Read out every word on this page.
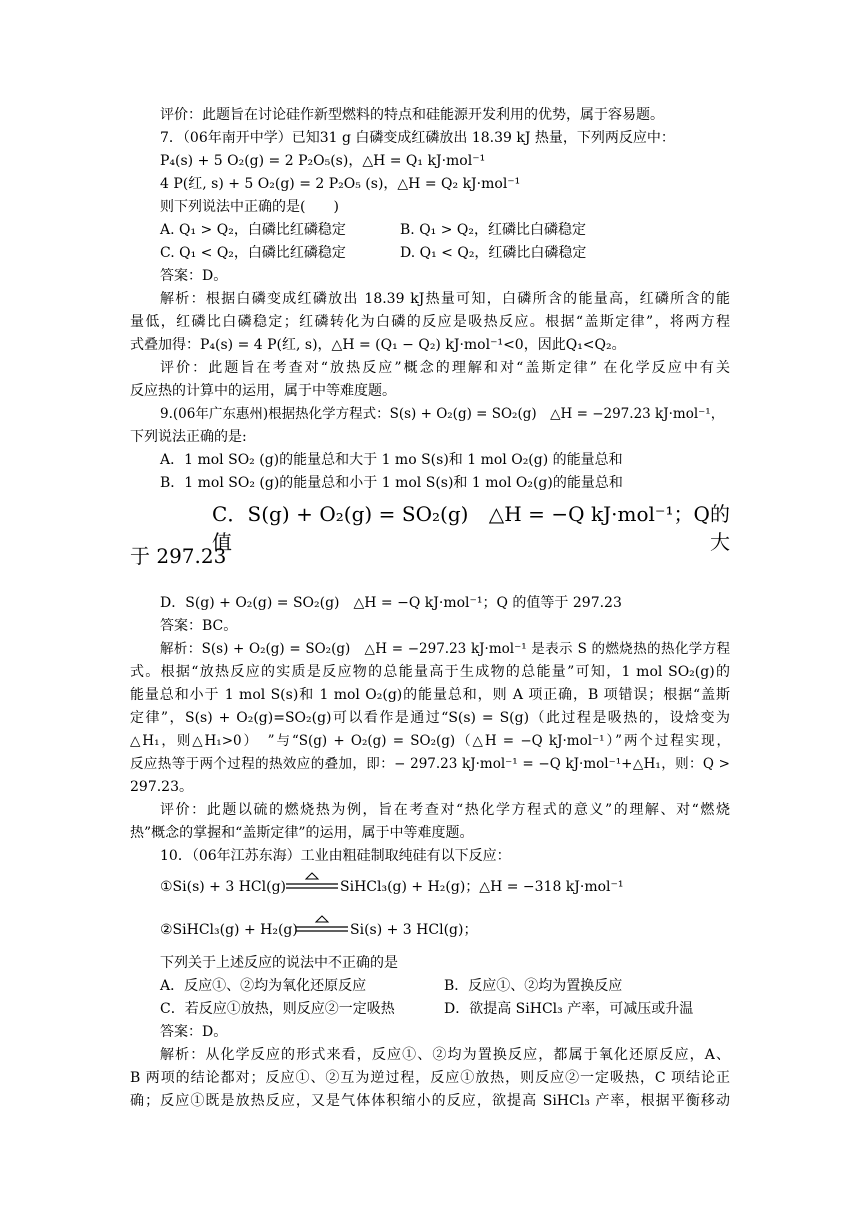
评价：此题旨在讨论硅作新型燃料的特点和硅能源开发利用的优势，属于容易题。
7．（06年南开中学）已知31 g 白磷变成红磷放出 18.39 kJ 热量，下列两反应中：
P₄(s) + 5 O₂(g) = 2 P₂O₅(s)，△H = Q₁ kJ·mol⁻¹
4 P(红, s) + 5 O₂(g) = 2 P₂O₅ (s)，△H = Q₂ kJ·mol⁻¹
则下列说法中正确的是(　　)
A. Q₁ > Q₂，白磷比红磷稳定	B. Q₁ > Q₂，红磷比白磷稳定
C. Q₁ < Q₂，白磷比红磷稳定	D. Q₁ < Q₂，红磷比白磷稳定
答案：D。
解析：根据白磷变成红磷放出 18.39 kJ热量可知，白磷所含的能量高，红磷所含的能
量低，红磷比白磷稳定；红磷转化为白磷的反应是吸热反应。根据“盖斯定律”，将两方程
式叠加得：P₄(s) = 4 P(红, s)，△H = (Q₁ − Q₂) kJ·mol⁻¹<0，因此Q₁<Q₂。
评价：此题旨在考查对“放热反应”概念的理解和对“盖斯定律” 在化学反应中有关
反应热的计算中的运用，属于中等难度题。
9.(06年广东惠州)根据热化学方程式：S(s) + O₂(g) = SO₂(g)　△H = −297.23 kJ·mol⁻¹，
下列说法正确的是:
A．1 mol SO₂ (g)的能量总和大于 1 mo S(s)和 1 mol O₂(g) 的能量总和
B．1 mol SO₂ (g)的能量总和小于 1 mol S(s)和 1 mol O₂(g)的能量总和
C．S(g) + O₂(g) = SO₂(g)　△H = −Q kJ·mol⁻¹；Q的值大
于 297.23
D．S(g) + O₂(g) = SO₂(g)　△H = −Q kJ·mol⁻¹；Q 的值等于 297.23
答案：BC。
解析：S(s) + O₂(g) = SO₂(g)　△H = −297.23 kJ·mol⁻¹ 是表示 S 的燃烧热的热化学方程
式。根据“放热反应的实质是反应物的总能量高于生成物的总能量”可知，1 mol SO₂(g)的
能量总和小于 1 mol S(s)和 1 mol O₂(g)的能量总和，则 A 项正确，B 项错误；根据“盖斯
定律”，S(s) + O₂(g)=SO₂(g)可以看作是通过“S(s) = S(g)（此过程是吸热的，设焓变为
△H₁，则△H₁>0）　”与“S(g) + O₂(g) = SO₂(g)（△H = −Q kJ·mol⁻¹）”两个过程实现，
反应热等于两个过程的热效应的叠加，即：− 297.23 kJ·mol⁻¹ = −Q kJ·mol⁻¹+△H₁，则：Q >
297.23。
评价：此题以硫的燃烧热为例，旨在考查对“热化学方程式的意义”的理解、对“燃烧
热”概念的掌握和“盖斯定律”的运用，属于中等难度题。
10．（06年江苏东海）工业由粗硅制取纯硅有以下反应：
①Si(s) + 3 HCl(g)	SiHCl₃(g) + H₂(g)；△H = −318 kJ·mol⁻¹
②SiHCl₃(g) + H₂(g)	Si(s) + 3 HCl(g)；
下列关于上述反应的说法中不正确的是
A．反应①、②均为氧化还原反应	B．反应①、②均为置换反应
C．若反应①放热，则反应②一定吸热	D．欲提高 SiHCl₃ 产率，可减压或升温
答案：D。
解析：从化学反应的形式来看，反应①、②均为置换反应，都属于氧化还原反应，A、
B 两项的结论都对；反应①、②互为逆过程，反应①放热，则反应②一定吸热，C 项结论正
确；反应①既是放热反应，又是气体体积缩小的反应，欲提高 SiHCl₃ 产率，根据平衡移动
